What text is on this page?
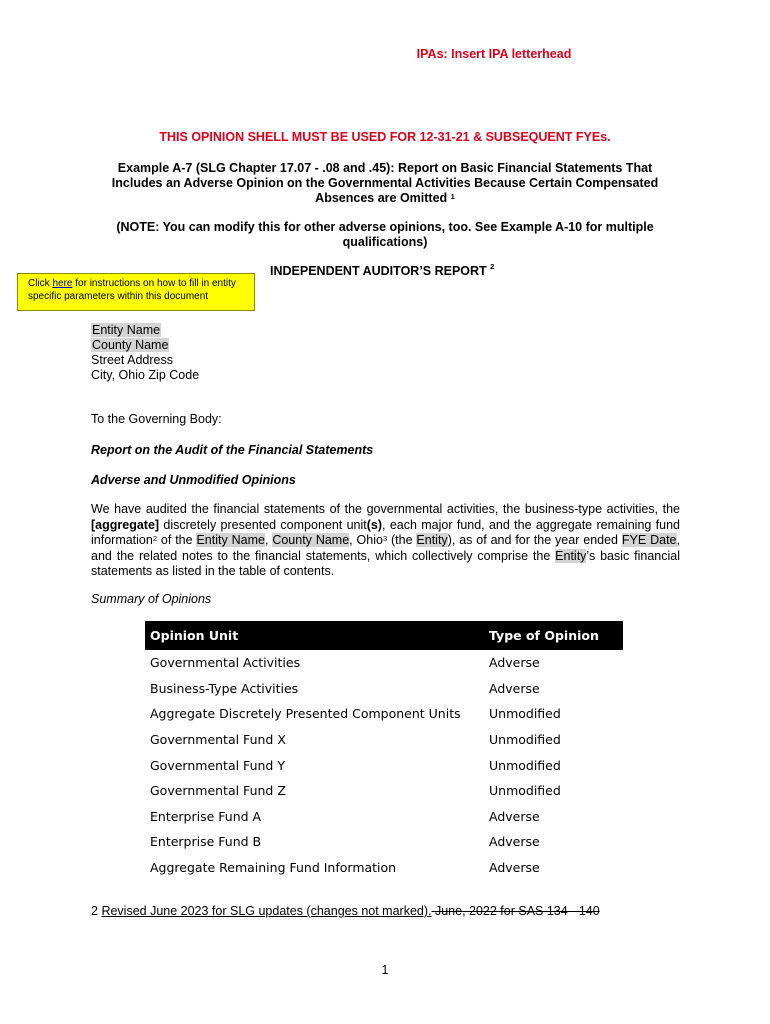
IPAs: Insert IPA letterhead
THIS OPINION SHELL MUST BE USED FOR 12-31-21 & SUBSEQUENT FYEs.
Example A-7 (SLG Chapter 17.07 - .08 and .45): Report on Basic Financial Statements That Includes an Adverse Opinion on the Governmental Activities Because Certain Compensated Absences are Omitted $^1$
(NOTE: You can modify this for other adverse opinions, too. See Example A-10 for multiple qualifications)
INDEPENDENT AUDITOR’S REPORT $^2$
Click here for instructions on how to fill in entity specific parameters within this document
Entity Name
County Name
Street Address
City, Ohio Zip Code
To the Governing Body:
Report on the Audit of the Financial Statements
Adverse and Unmodified Opinions
We have audited the financial statements of the governmental activities, the business-type activities, the [aggregate] discretely presented component unit(s), each major fund, and the aggregate remaining fund information$^2$ of the Entity Name, County Name, Ohio$^3$ (the Entity), as of and for the year ended FYE Date, and the related notes to the financial statements, which collectively comprise the Entity’s basic financial statements as listed in the table of contents.
Summary of Opinions
Opinion Unit	Type of Opinion
Governmental Activities	Adverse
Business-Type Activities	Adverse
Aggregate Discretely Presented Component Units	Unmodified
Governmental Fund X	Unmodified
Governmental Fund Y	Unmodified
Governmental Fund Z	Unmodified
Enterprise Fund A	Adverse
Enterprise Fund B	Adverse
Aggregate Remaining Fund Information	Adverse
2 Revised June 2023 for SLG updates (changes not marked). June, 2022 for SAS 134 - 140
1
